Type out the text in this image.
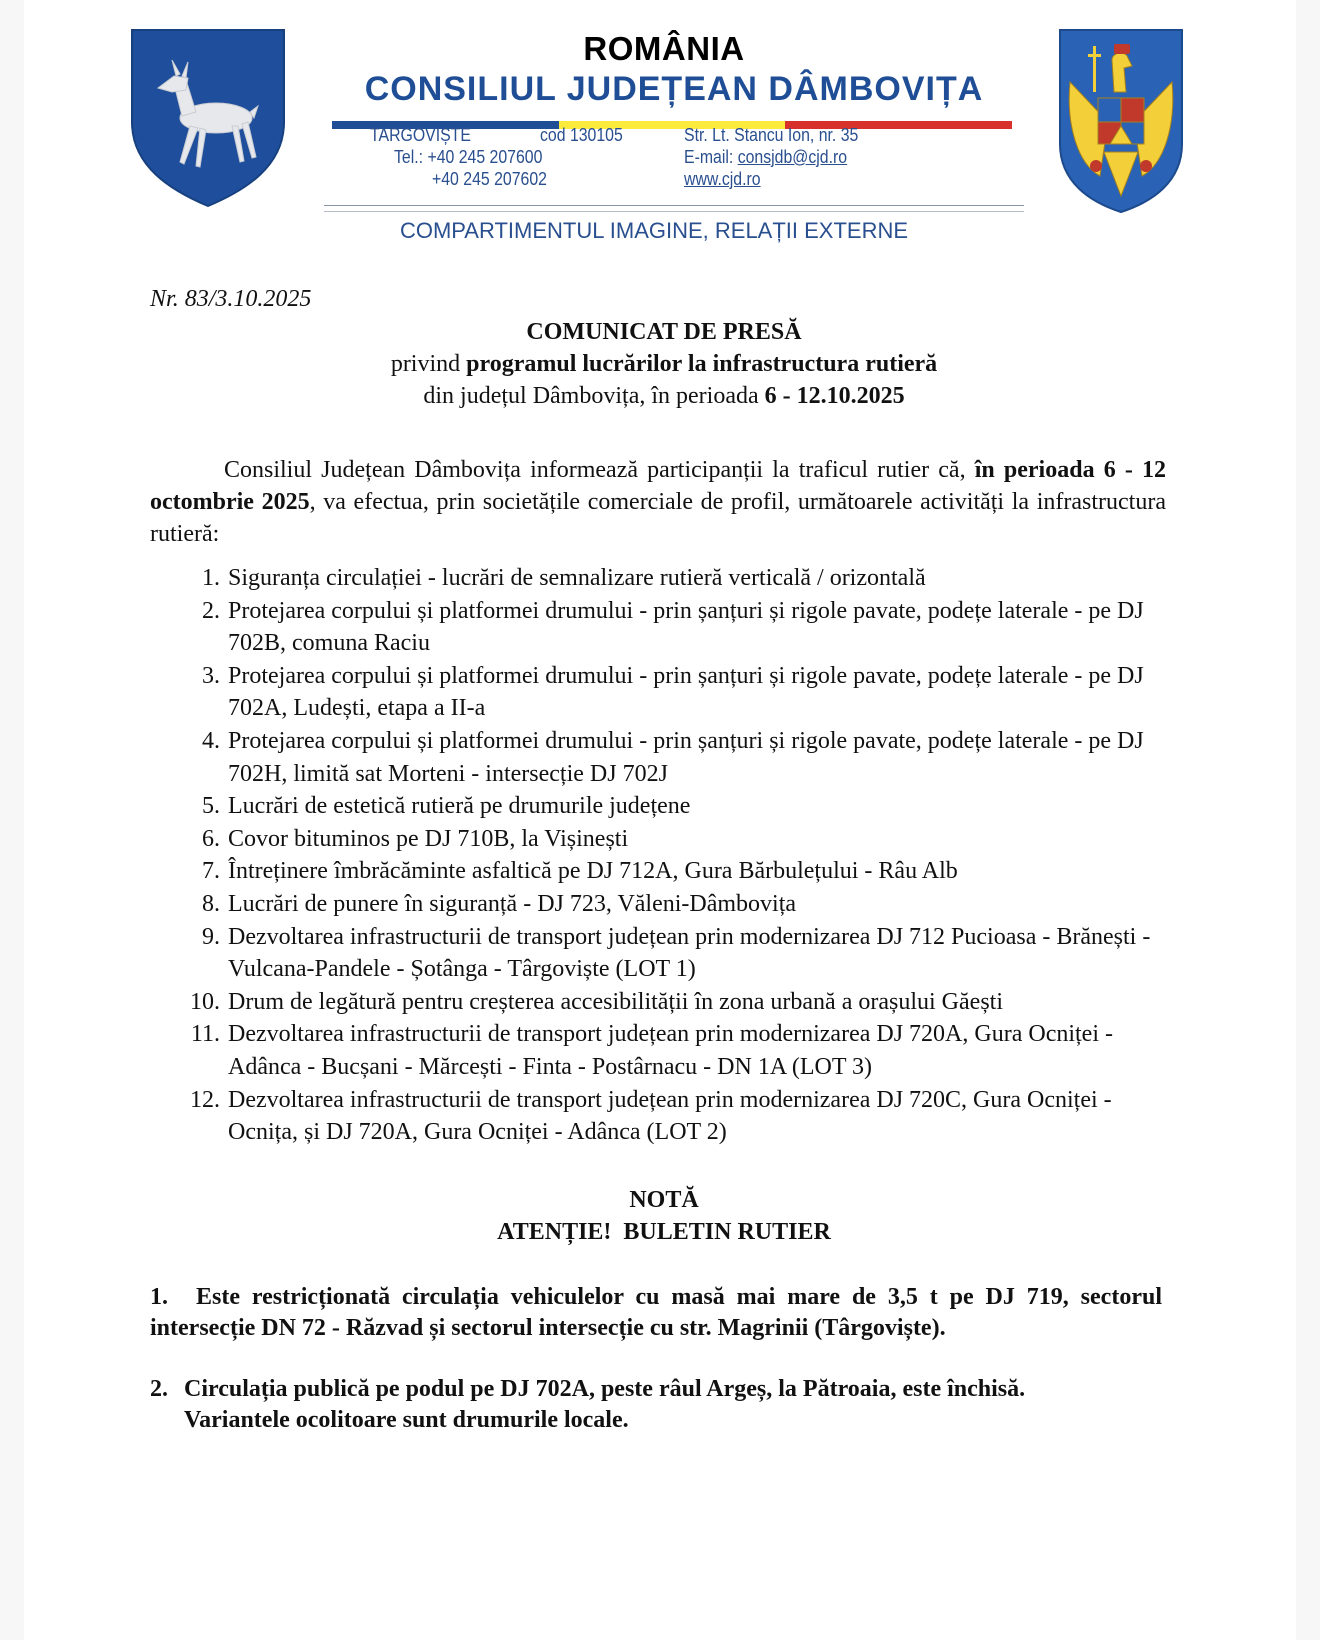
ROMÂNIA
CONSILIUL JUDEȚEAN DÂMBOVIȚA
TARGOVIȘTE	cod 130105
Tel.: +40 245 207600
+40 245 207602
Str. Lt. Stancu Ion, nr. 35
E-mail: consjdb@cjd.ro
www.cjd.ro
COMPARTIMENTUL IMAGINE, RELAȚII EXTERNE
Nr. 83/3.10.2025
COMUNICAT DE PRESĂ
privind programul lucrărilor la infrastructura rutieră
din județul Dâmbovița, în perioada 6 - 12.10.2025
Consiliul Județean Dâmbovița informează participanții la traficul rutier că, în perioada 6 - 12 octombrie 2025, va efectua, prin societățile comerciale de profil, următoarele activități la infrastructura rutieră:
1. Siguranța circulației - lucrări de semnalizare rutieră verticală / orizontală
2. Protejarea corpului și platformei drumului - prin șanțuri și rigole pavate, podețe laterale - pe DJ 702B, comuna Raciu
3. Protejarea corpului și platformei drumului - prin șanțuri și rigole pavate, podețe laterale - pe DJ 702A, Ludești, etapa a II-a
4. Protejarea corpului și platformei drumului - prin șanțuri și rigole pavate, podețe laterale - pe DJ 702H, limită sat Morteni - intersecție DJ 702J
5. Lucrări de estetică rutieră pe drumurile județene
6. Covor bituminos pe DJ 710B, la Vișinești
7. Întreținere îmbrăcăminte asfaltică pe DJ 712A, Gura Bărbulețului - Râu Alb
8. Lucrări de punere în siguranță - DJ 723, Văleni-Dâmbovița
9. Dezvoltarea infrastructurii de transport județean prin modernizarea DJ 712 Pucioasa - Brănești - Vulcana-Pandele - Șotânga - Târgoviște (LOT 1)
10. Drum de legătură pentru creșterea accesibilității în zona urbană a orașului Găești
11. Dezvoltarea infrastructurii de transport județean prin modernizarea DJ 720A, Gura Ocniței - Adânca - Bucșani - Mărcești - Finta - Postârnacu - DN 1A (LOT 3)
12. Dezvoltarea infrastructurii de transport județean prin modernizarea DJ 720C, Gura Ocniței - Ocnița, și DJ 720A, Gura Ocniței - Adânca (LOT 2)
NOTĂ
ATENȚIE!  BULETIN RUTIER
1. Este restricționată circulația vehiculelor cu masă mai mare de 3,5 t pe DJ 719, sectorul intersecție DN 72 - Răzvad și sectorul intersecție cu str. Magrinii (Târgoviște).
2. Circulația publică pe podul pe DJ 702A, peste râul Argeș, la Pătroaia, este închisă.
Variantele ocolitoare sunt drumurile locale.
